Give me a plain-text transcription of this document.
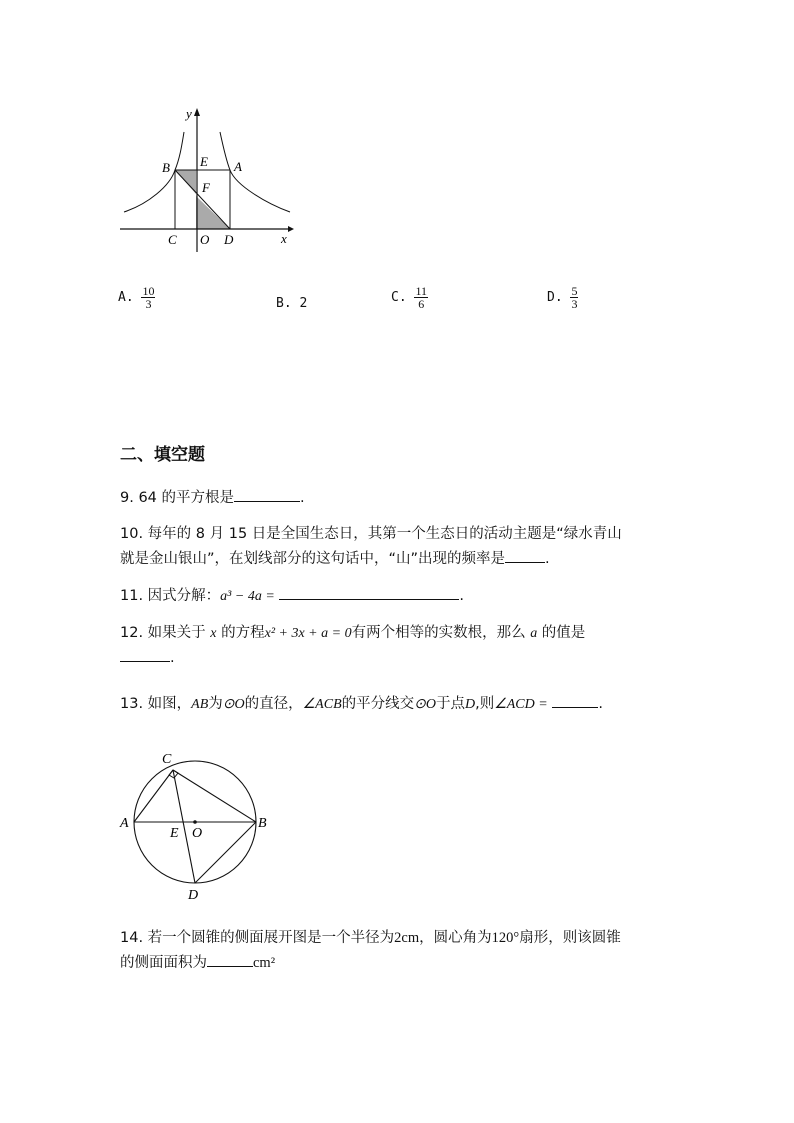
y
x
B E A
F
C O D
A. $\frac{10}{3}$	B. 2	C. $\frac{11}{6}$	D. $\frac{5}{3}$
二、填空题
9. 64 的平方根是	.
10. 每年的 8 月 15 日是全国生态日，其第一个生态日的活动主题是“绿水青山
就是金山银山”，在划线部分的这句话中，“山”出现的频率是	.
11. 因式分解：a³ − 4a =	.
12. 如果关于 x 的方程x² + 3x + a = 0有两个相等的实数根，那么 a 的值是
.
13. 如图，AB为⊙O的直径，∠ACB的平分线交⊙O于点D,则∠ACD =	.
C
A
E O
B
D
14. 若一个圆锥的侧面展开图是一个半径为2cm，圆心角为120°扇形，则该圆锥
的侧面面积为	cm²
